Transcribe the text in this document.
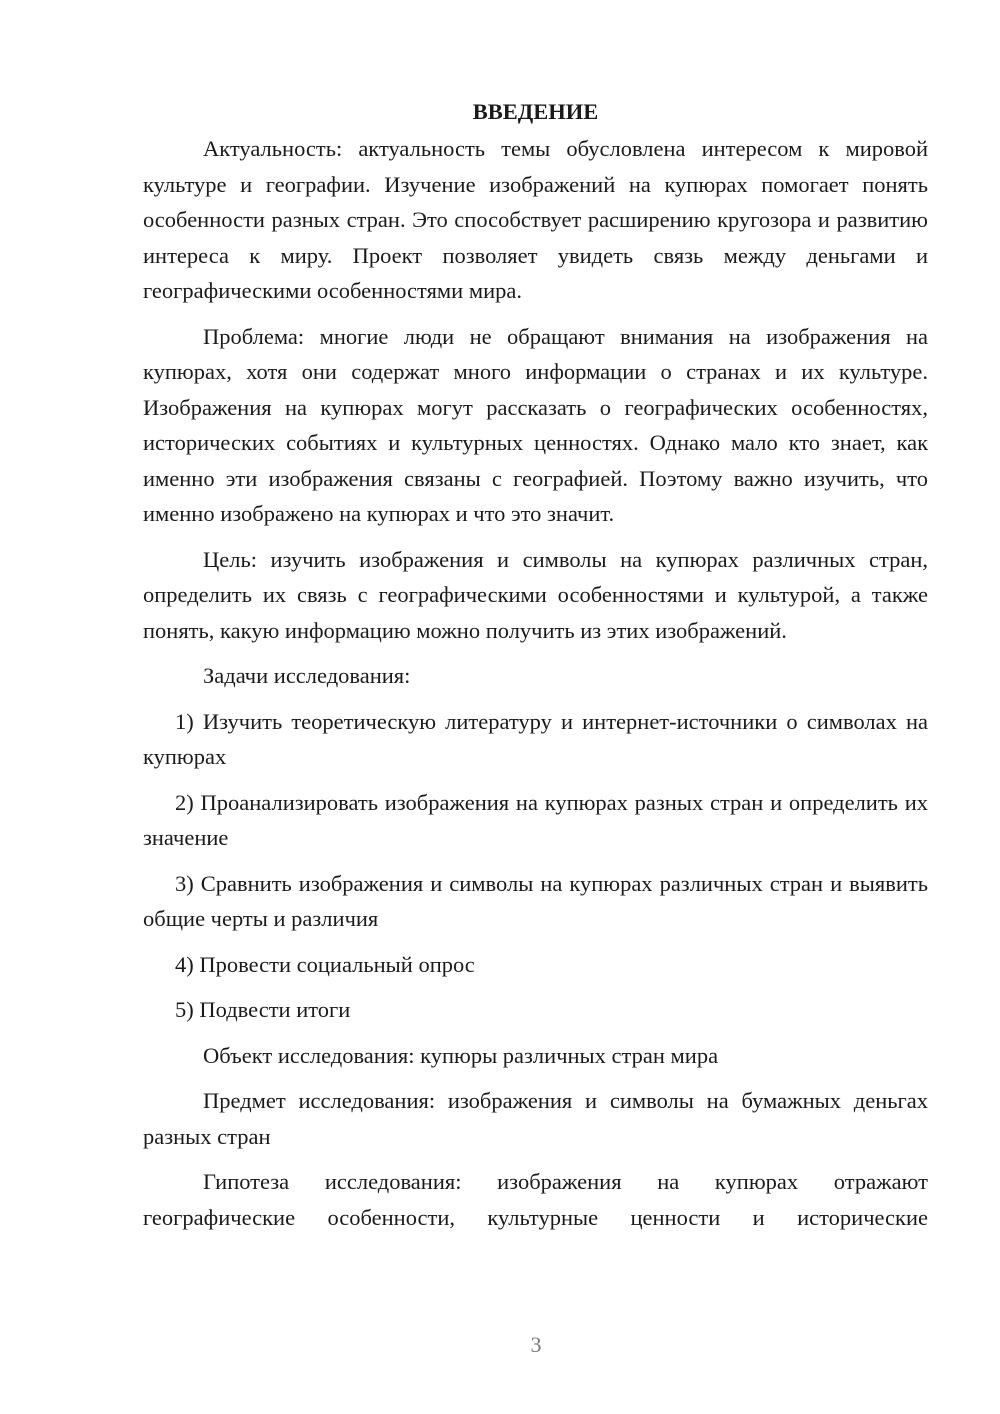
ВВЕДЕНИЕ

Актуальность: актуальность темы обусловлена интересом к мировой культуре и географии. Изучение изображений на купюрах помогает понять особенности разных стран. Это способствует расширению кругозора и развитию интереса к миру. Проект позволяет увидеть связь между деньгами и географическими особенностями мира.

Проблема: многие люди не обращают внимания на изображения на купюрах, хотя они содержат много информации о странах и их культуре. Изображения на купюрах могут рассказать о географических особенностях, исторических событиях и культурных ценностях. Однако мало кто знает, как именно эти изображения связаны с географией. Поэтому важно изучить, что именно изображено на купюрах и что это значит.

Цель: изучить изображения и символы на купюрах различных стран, определить их связь с географическими особенностями и культурой, а также понять, какую информацию можно получить из этих изображений.

Задачи исследования:

1) Изучить теоретическую литературу и интернет-источники о символах на купюрах

2) Проанализировать изображения на купюрах разных стран и определить их значение

3) Сравнить изображения и символы на купюрах различных стран и выявить общие черты и различия

4) Провести социальный опрос

5) Подвести итоги

Объект исследования: купюры различных стран мира

Предмет исследования: изображения и символы на бумажных деньгах разных стран

Гипотеза исследования: изображения на купюрах отражают географические особенности, культурные ценности и исторические

3
